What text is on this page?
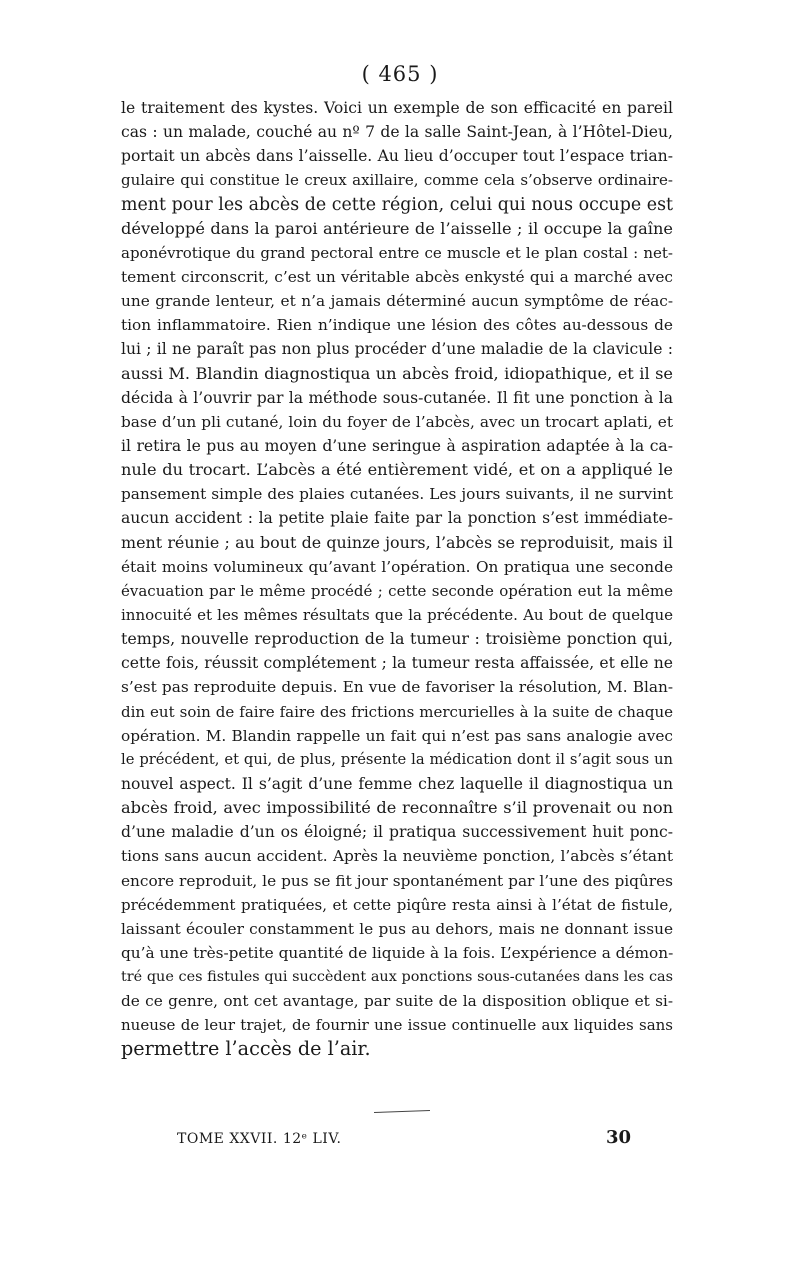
( 465 )
le traitement des kystes. Voici un exemple de son efficacité en pareil
cas : un malade, couché au nº 7 de la salle Saint-Jean, à l’Hôtel-Dieu,
portait un abcès dans l’aisselle. Au lieu d’occuper tout l’espace trian-
gulaire qui constitue le creux axillaire, comme cela s’observe ordinaire-
ment pour les abcès de cette région, celui qui nous occupe est
développé dans la paroi antérieure de l’aisselle ; il occupe la gaîne
aponévrotique du grand pectoral entre ce muscle et le plan costal : net-
tement circonscrit, c’est un véritable abcès enkysté qui a marché avec
une grande lenteur, et n’a jamais déterminé aucun symptôme de réac-
tion inflammatoire. Rien n’indique une lésion des côtes au-dessous de
lui ; il ne paraît pas non plus procéder d’une maladie de la clavicule :
aussi M. Blandin diagnostiqua un abcès froid, idiopathique, et il se
décida à l’ouvrir par la méthode sous-cutanée. Il fit une ponction à la
base d’un pli cutané, loin du foyer de l’abcès, avec un trocart aplati, et
il retira le pus au moyen d’une seringue à aspiration adaptée à la ca-
nule du trocart. L’abcès a été entièrement vidé, et on a appliqué le
pansement simple des plaies cutanées. Les jours suivants, il ne survint
aucun accident : la petite plaie faite par la ponction s’est immédiate-
ment réunie ; au bout de quinze jours, l’abcès se reproduisit, mais il
était moins volumineux qu’avant l’opération. On pratiqua une seconde
évacuation par le même procédé ; cette seconde opération eut la même
innocuité et les mêmes résultats que la précédente. Au bout de quelque
temps, nouvelle reproduction de la tumeur : troisième ponction qui,
cette fois, réussit complétement ; la tumeur resta affaissée, et elle ne
s’est pas reproduite depuis. En vue de favoriser la résolution, M. Blan-
din eut soin de faire faire des frictions mercurielles à la suite de chaque
opération. M. Blandin rappelle un fait qui n’est pas sans analogie avec
le précédent, et qui, de plus, présente la médication dont il s’agit sous un
nouvel aspect. Il s’agit d’une femme chez laquelle il diagnostiqua un
abcès froid, avec impossibilité de reconnaître s’il provenait ou non
d’une maladie d’un os éloigné; il pratiqua successivement huit ponc-
tions sans aucun accident. Après la neuvième ponction, l’abcès s’étant
encore reproduit, le pus se fit jour spontanément par l’une des piqûres
précédemment pratiquées, et cette piqûre resta ainsi à l’état de fistule,
laissant écouler constamment le pus au dehors, mais ne donnant issue
qu’à une très-petite quantité de liquide à la fois. L’expérience a démon-
tré que ces fistules qui succèdent aux ponctions sous-cutanées dans les cas
de ce genre, ont cet avantage, par suite de la disposition oblique et si-
nueuse de leur trajet, de fournir une issue continuelle aux liquides sans
permettre l’accès de l’air.
TOME XXVII. 12ᵉ LIV.	30
